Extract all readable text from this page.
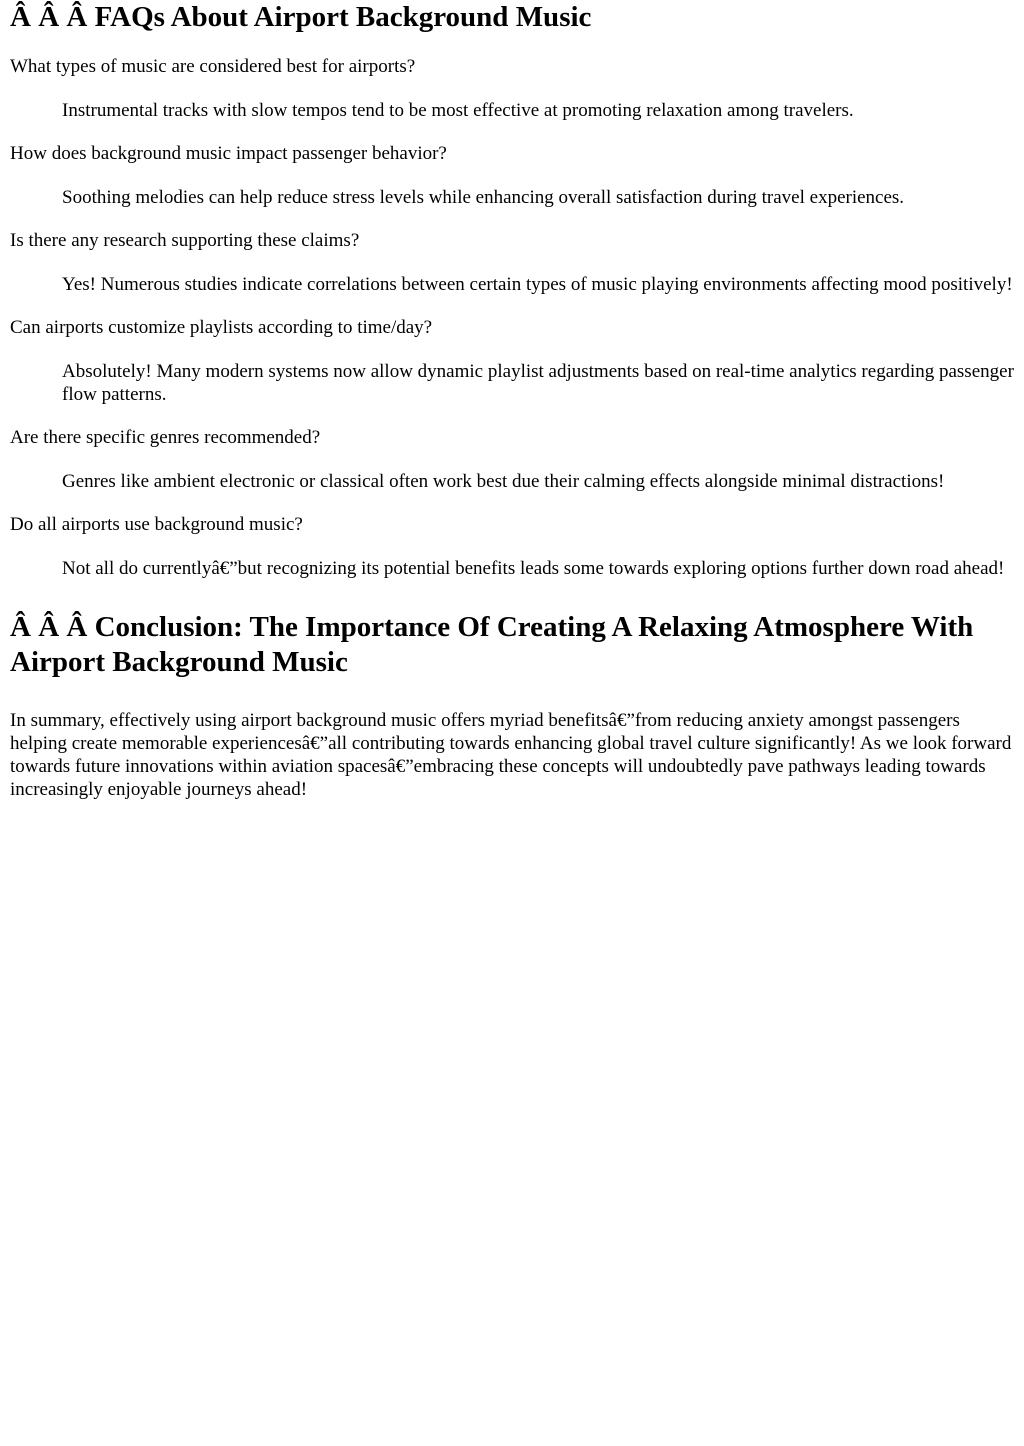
Â Â Â FAQs About Airport Background Music
What types of music are considered best for airports?
Instrumental tracks with slow tempos tend to be most effective at promoting relaxation among travelers.
How does background music impact passenger behavior?
Soothing melodies can help reduce stress levels while enhancing overall satisfaction during travel experiences.
Is there any research supporting these claims?
Yes! Numerous studies indicate correlations between certain types of music playing environments affecting mood positively!
Can airports customize playlists according to time/day?
Absolutely! Many modern systems now allow dynamic playlist adjustments based on real-time analytics regarding passenger flow patterns.
Are there specific genres recommended?
Genres like ambient electronic or classical often work best due their calming effects alongside minimal distractions!
Do all airports use background music?
Not all do currentlyâ€”but recognizing its potential benefits leads some towards exploring options further down road ahead!
Â Â Â Conclusion: The Importance Of Creating A Relaxing Atmosphere With Airport Background Music

In summary, effectively using airport background music offers myriad benefitsâ€”from reducing anxiety amongst passengers helping create memorable experiencesâ€”all contributing towards enhancing global travel culture significantly! As we look forward towards future innovations within aviation spacesâ€”embracing these concepts will undoubtedly pave pathways leading towards increasingly enjoyable journeys ahead!
